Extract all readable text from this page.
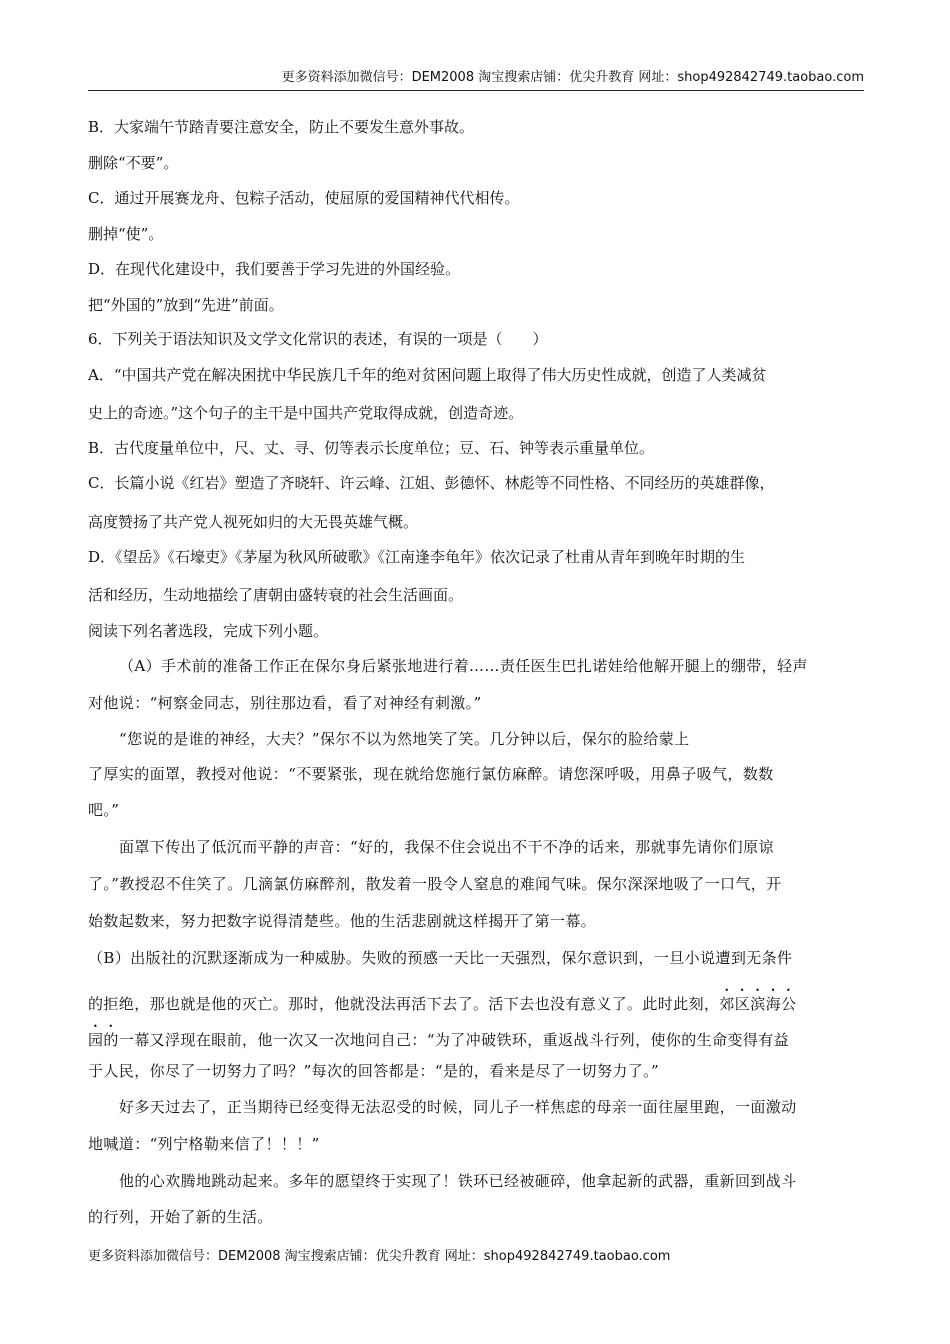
更多资料添加微信号：DEM2008 淘宝搜索店铺：优尖升教育 网址：shop492842749.taobao.com
B．大家端午节踏青要注意安全，防止不要发生意外事故。
删除“不要”。
C．通过开展赛龙舟、包粽子活动，使屈原的爱国精神代代相传。
删掉“使”。
D．在现代化建设中，我们要善于学习先进的外国经验。
把“外国的”放到“先进”前面。
6．下列关于语法知识及文学文化常识的表述，有误的一项是（　　）
A．“中国共产党在解决困扰中华民族几千年的绝对贫困问题上取得了伟大历史性成就，创造了人类减贫
史上的奇迹。”这个句子的主干是中国共产党取得成就，创造奇迹。
B．古代度量单位中，尺、丈、寻、仞等表示长度单位；豆、石、钟等表示重量单位。
C．长篇小说《红岩》塑造了齐晓轩、许云峰、江姐、彭德怀、林彪等不同性格、不同经历的英雄群像，
高度赞扬了共产党人视死如归的大无畏英雄气概。
D．《望岳》《石壕吏》《茅屋为秋风所破歌》《江南逢李龟年》依次记录了杜甫从青年到晚年时期的生
活和经历，生动地描绘了唐朝由盛转衰的社会生活画面。
阅读下列名著选段，完成下列小题。
（A）手术前的准备工作正在保尔身后紧张地进行着……责任医生巴扎诺娃给他解开腿上的绷带，轻声
对他说：“柯察金同志，别往那边看，看了对神经有刺激。”
“您说的是谁的神经，大夫？”保尔不以为然地笑了笑。几分钟以后，保尔的脸给蒙上
了厚实的面罩，教授对他说：“不要紧张，现在就给您施行氯仿麻醉。请您深呼吸，用鼻子吸气，数数
吧。”
面罩下传出了低沉而平静的声音：“好的，我保不住会说出不干不净的话来，那就事先请你们原谅
了。”教授忍不住笑了。几滴氯仿麻醉剂，散发着一股令人窒息的难闻气味。保尔深深地吸了一口气，开
始数起数来，努力把数字说得清楚些。他的生活悲剧就这样揭开了第一幕。
（B）出版社的沉默逐渐成为一种威胁。失败的预感一天比一天强烈，保尔意识到，一旦小说遭到无条件
的拒绝，那也就是他的灭亡。那时，他就没法再活下去了。活下去也没有意义了。此时此刻，郊区滨海公
园的一幕又浮现在眼前，他一次又一次地问自己：“为了冲破铁环，重返战斗行列，使你的生命变得有益
于人民，你尽了一切努力了吗？”每次的回答都是：“是的，看来是尽了一切努力了。”
好多天过去了，正当期待已经变得无法忍受的时候，同儿子一样焦虑的母亲一面往屋里跑，一面激动
地喊道：“列宁格勒来信了！！！”
他的心欢腾地跳动起来。多年的愿望终于实现了！铁环已经被砸碎，他拿起新的武器，重新回到战斗
的行列，开始了新的生活。
更多资料添加微信号：DEM2008 淘宝搜索店铺：优尖升教育 网址：shop492842749.taobao.com
